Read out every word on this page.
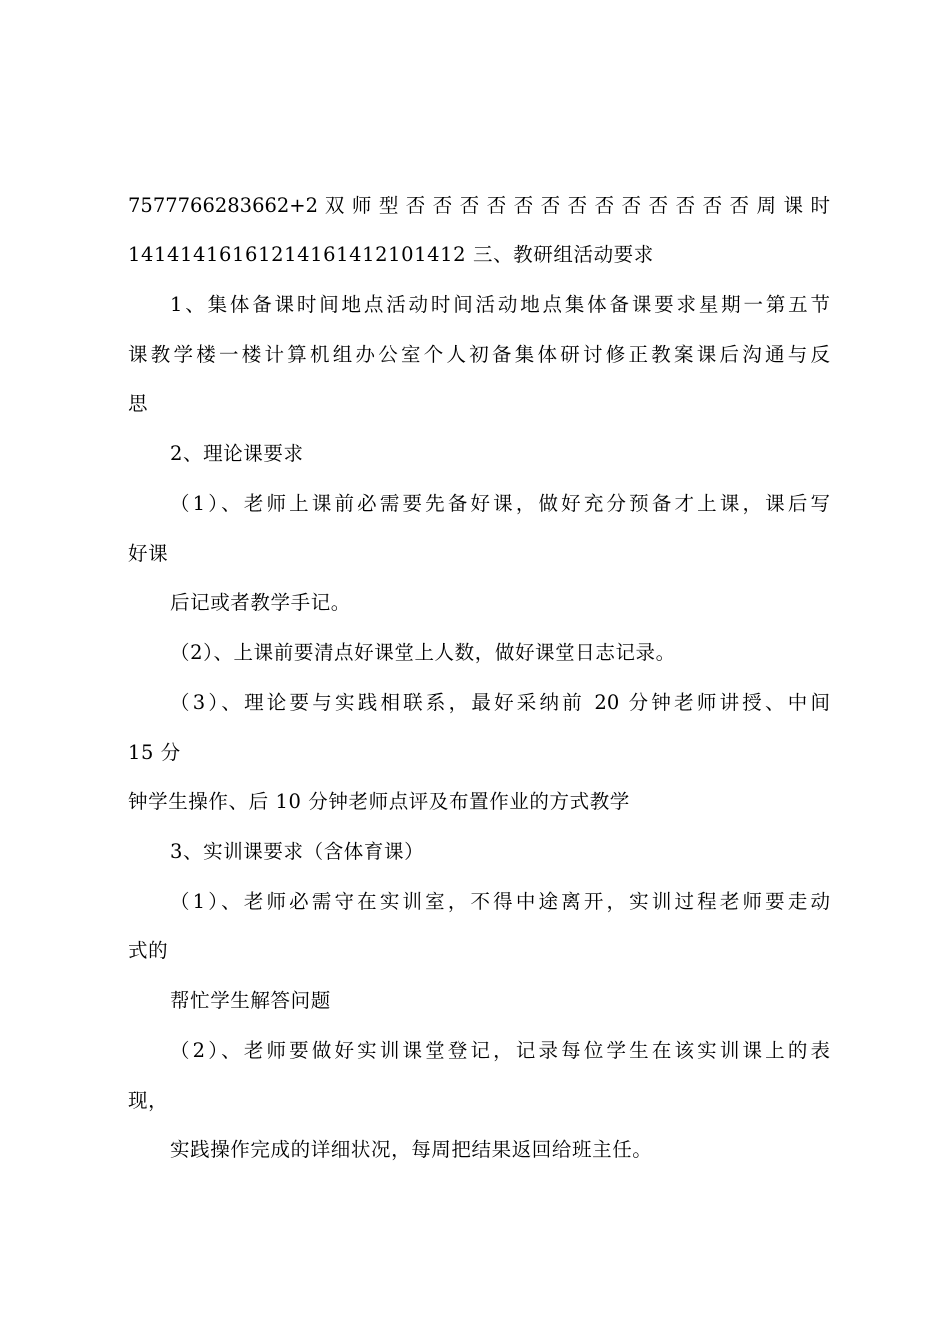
7577766283662+2 双 师 型 否 否 否 否 否 否 否 否 否 否 否 否 否 周 课 时
14141416161214161412101412 三、教研组活动要求
1、集体备课时间地点活动时间活动地点集体备课要求星期一第五节
课教学楼一楼计算机组办公室个人初备集体研讨修正教案课后沟通与反
思
2、理论课要求
（1）、老师上课前必需要先备好课，做好充分预备才上课，课后写
好课
后记或者教学手记。
（2）、上课前要清点好课堂上人数，做好课堂日志记录。
（3）、理论要与实践相联系，最好采纳前 20 分钟老师讲授、中间
15 分
钟学生操作、后 10 分钟老师点评及布置作业的方式教学
3、实训课要求（含体育课）
（1）、老师必需守在实训室，不得中途离开，实训过程老师要走动
式的
帮忙学生解答问题
（2）、老师要做好实训课堂登记，记录每位学生在该实训课上的表
现，
实践操作完成的详细状况，每周把结果返回给班主任。
